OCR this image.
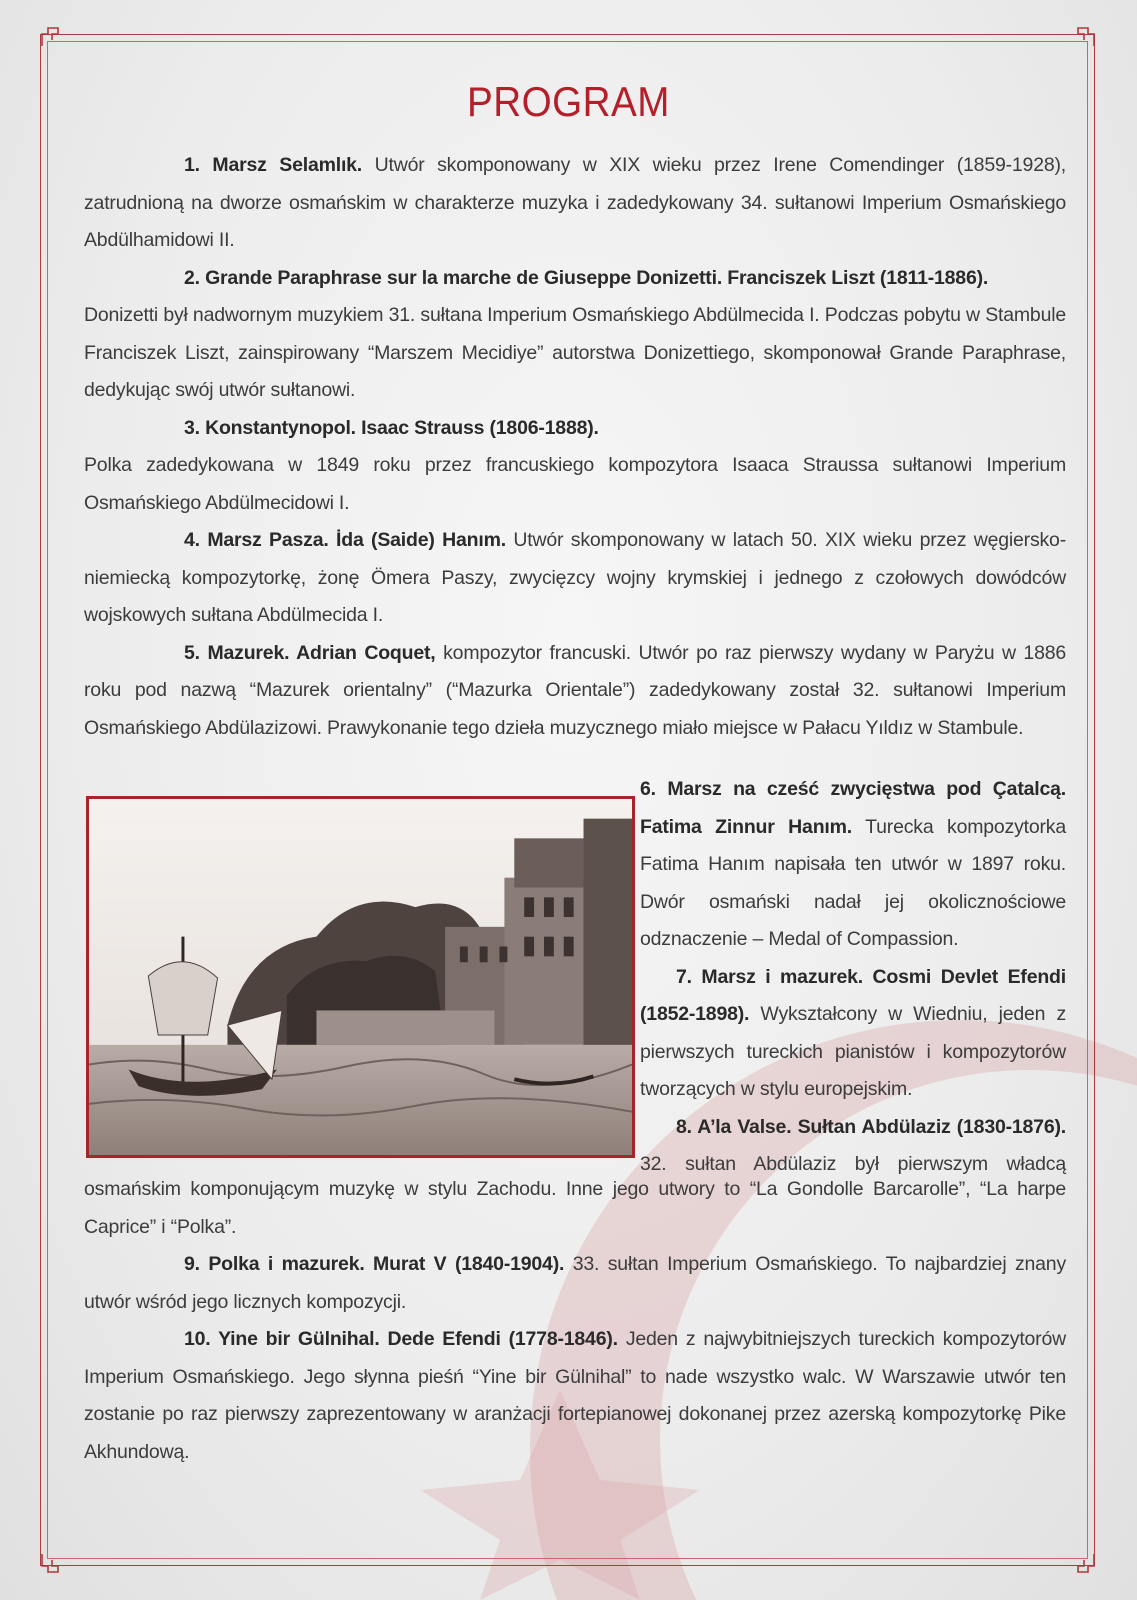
PROGRAM

1. Marsz Selamlık. Utwór skomponowany w XIX wieku przez Irene Comendinger (1859-1928), zatrudnioną na dworze osmańskim w charakterze muzyka i zadedykowany 34. sułtanowi Imperium Osmańskiego Abdülhamidowi II.

2. Grande Paraphrase sur la marche de Giuseppe Donizetti. Franciszek Liszt (1811-1886).

Donizetti był nadwornym muzykiem 31. sułtana Imperium Osmańskiego Abdülmecida I. Podczas pobytu w Stambule Franciszek Liszt, zainspirowany “Marszem Mecidiye” autorstwa Donizettiego, skomponował Grande Paraphrase, dedykując swój utwór sułtanowi.

3. Konstantynopol. Isaac Strauss (1806-1888).

Polka zadedykowana w 1849 roku przez francuskiego kompozytora Isaaca Straussa sułtanowi Imperium Osmańskiego Abdülmecidowi I.

4. Marsz Pasza. İda (Saide) Hanım. Utwór skomponowany w latach 50. XIX wieku przez węgiersko-niemiecką kompozytorkę, żonę Ömera Paszy, zwycięzcy wojny krymskiej i jednego z czołowych dowódców wojskowych sułtana Abdülmecida I.

5. Mazurek. Adrian Coquet, kompozytor francuski. Utwór po raz pierwszy wydany w Paryżu w 1886 roku pod nazwą “Mazurek orientalny” (“Mazurka Orientale”) zadedykowany został 32. sułtanowi Imperium Osmańskiego Abdülazizowi. Prawykonanie tego dzieła muzycznego miało miejsce w Pałacu Yıldız w Stambule.

6. Marsz na cześć zwycięstwa pod Çatalcą. Fatima Zinnur Hanım. Turecka kompozytorka Fatima Hanım napisała ten utwór w 1897 roku. Dwór osmański nadał jej okolicznościowe odznaczenie – Medal of Compassion.

7. Marsz i mazurek. Cosmi Devlet Efendi (1852-1898). Wykształcony w Wiedniu, jeden z pierwszych tureckich pianistów i kompozytorów tworzących w stylu europejskim.

8. A’la Valse. Sułtan Abdülaziz (1830-1876). 32. sułtan Abdülaziz był pierwszym władcą

osmańskim komponującym muzykę w stylu Zachodu. Inne jego utwory to “La Gondolle Barcarolle”, “La harpe Caprice” i “Polka”.

9. Polka i mazurek. Murat V (1840-1904). 33. sułtan Imperium Osmańskiego. To najbardziej znany utwór wśród jego licznych kompozycji.

10. Yine bir Gülnihal. Dede Efendi (1778-1846). Jeden z najwybitniejszych tureckich kompozytorów Imperium Osmańskiego. Jego słynna pieśń “Yine bir Gülnihal” to nade wszystko walc. W Warszawie utwór ten zostanie po raz pierwszy zaprezentowany w aranżacji fortepianowej dokonanej przez azerską kompozytorkę Pike Akhundową.
